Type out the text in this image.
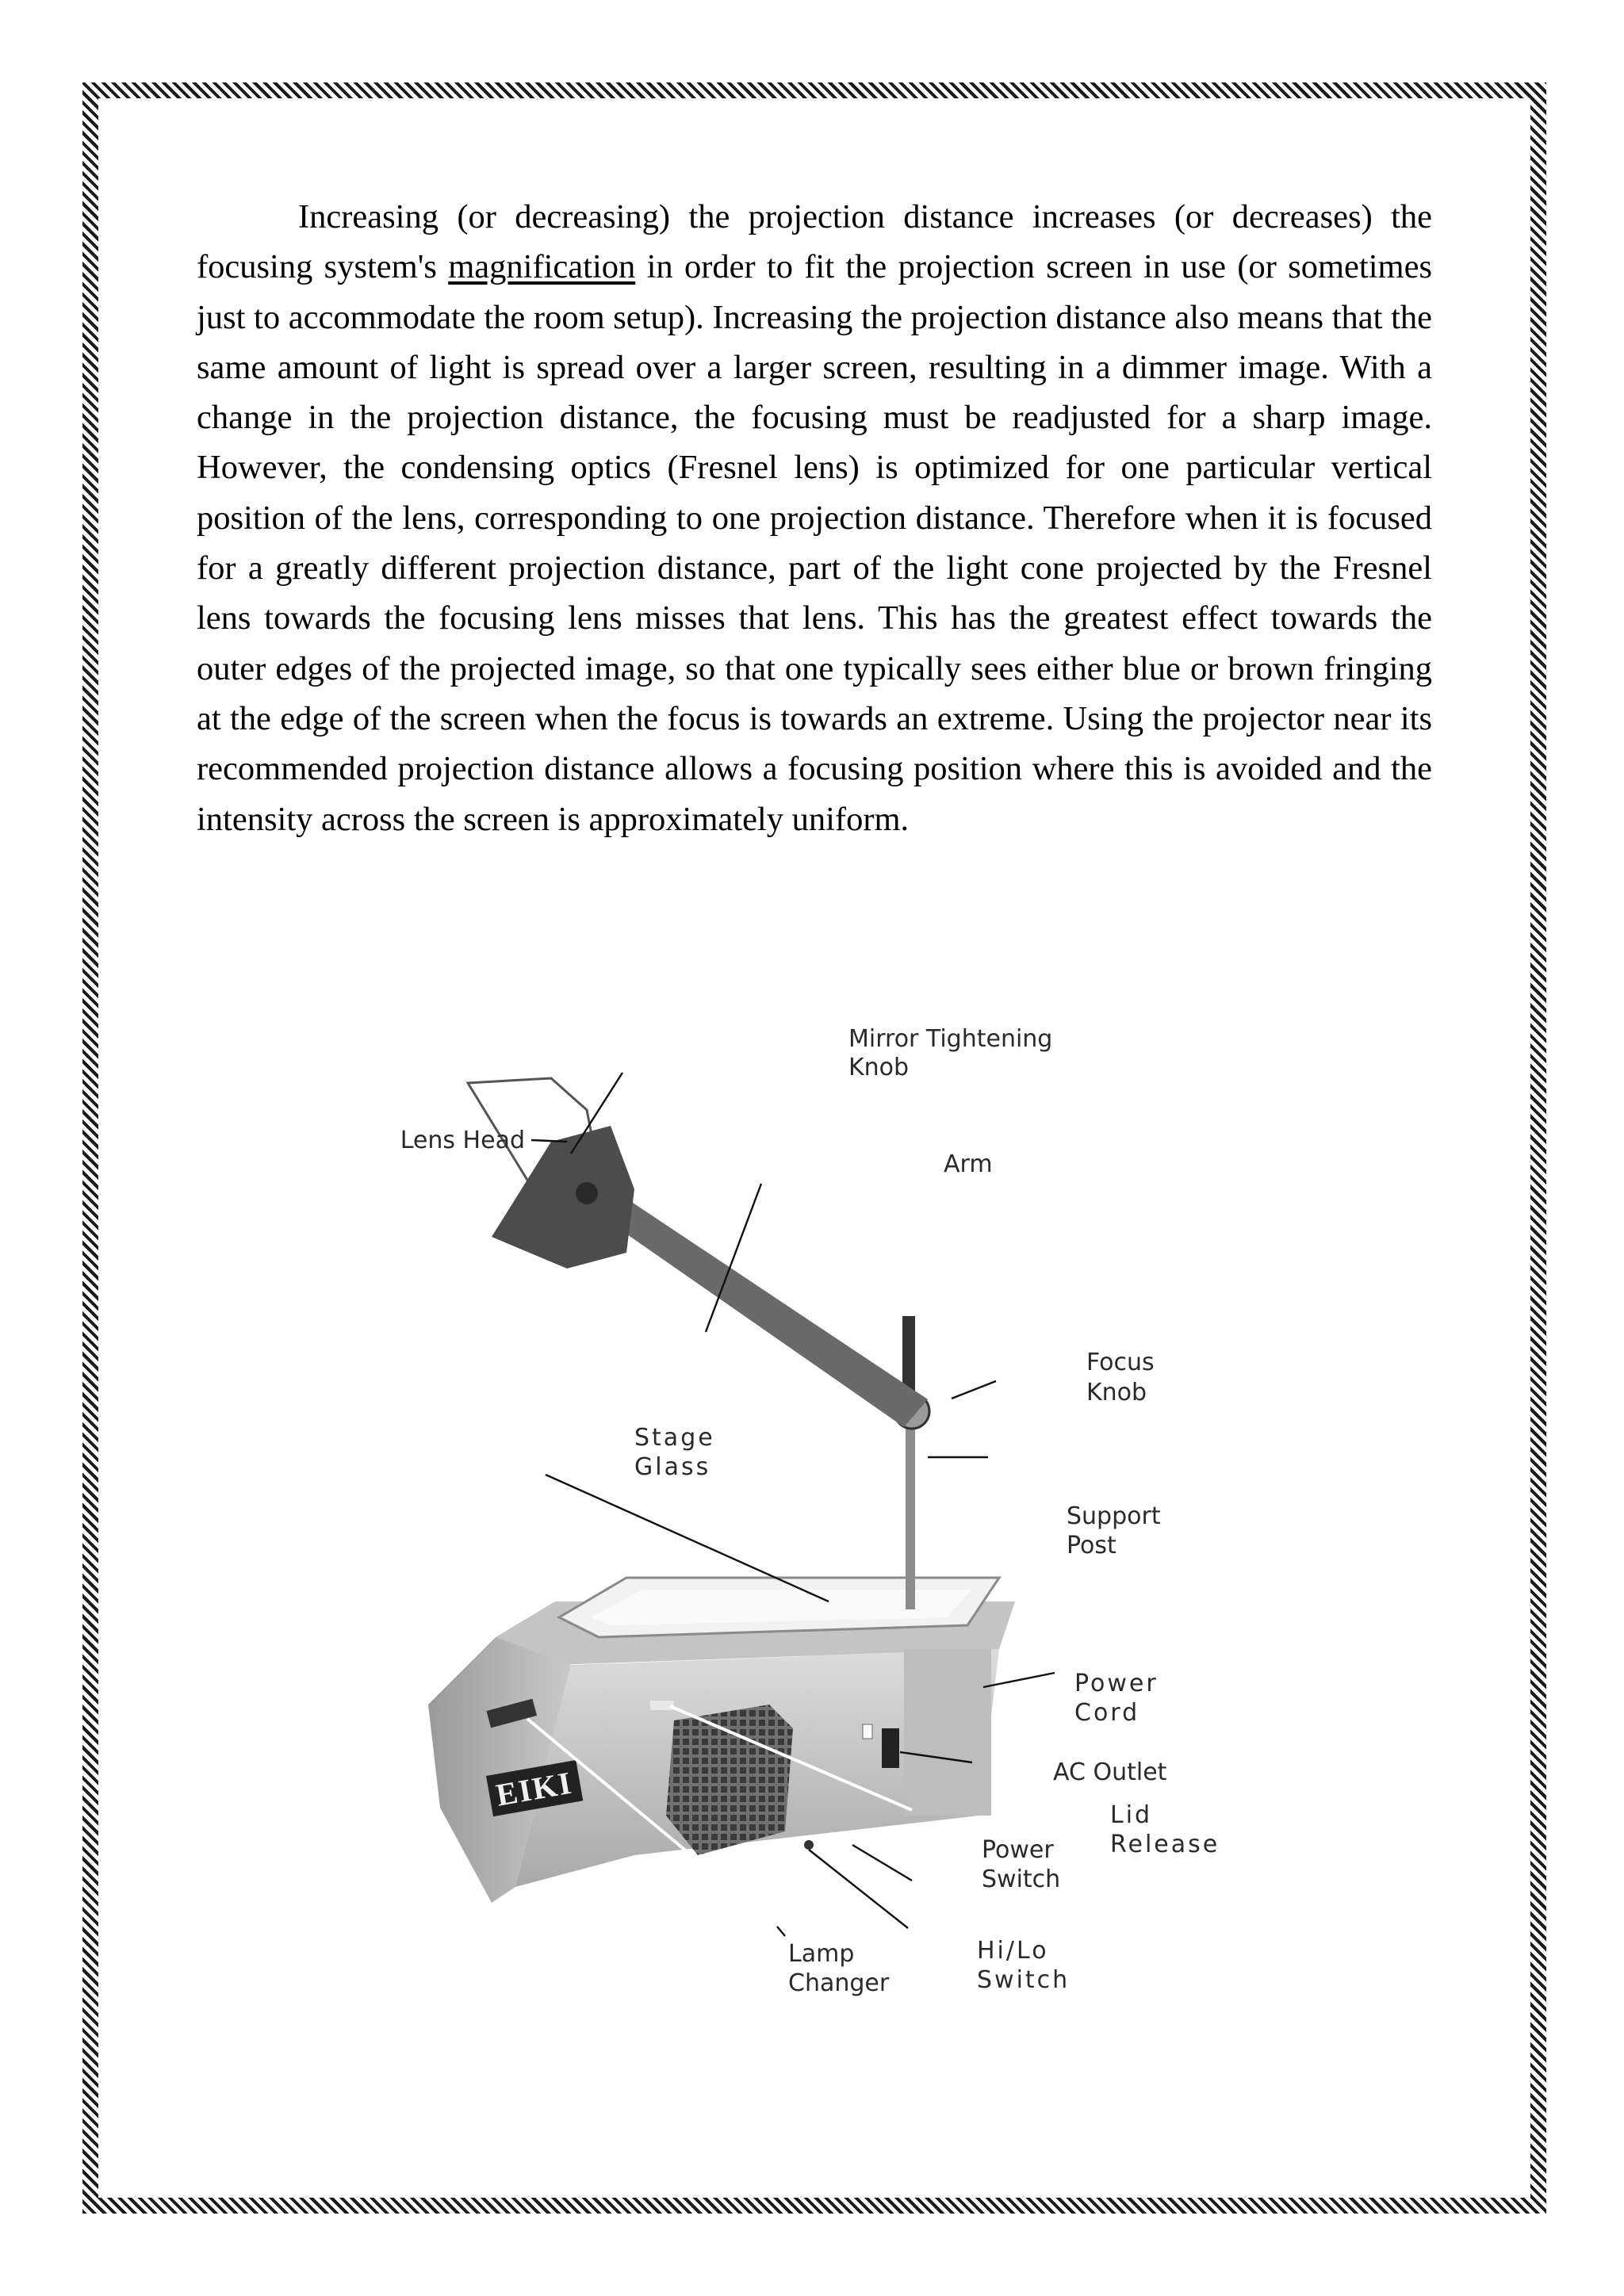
Increasing (or decreasing) the projection distance increases (or decreases) the focusing system's magnification in order to fit the projection screen in use (or sometimes just to accommodate the room setup). Increasing the projection distance also means that the same amount of light is spread over a larger screen, resulting in a dimmer image. With a change in the projection distance, the focusing must be readjusted for a sharp image. However, the condensing optics (Fresnel lens) is optimized for one particular vertical position of the lens, corresponding to one projection distance. Therefore when it is focused for a greatly different projection distance, part of the light cone projected by the Fresnel lens towards the focusing lens misses that lens. This has the greatest effect towards the outer edges of the projected image, so that one typically sees either blue or brown fringing at the edge of the screen when the focus is towards an extreme. Using the projector near its recommended projection distance allows a focusing position where this is avoided and the intensity across the screen is approximately uniform.

EIKI
Mirror Tightening
Knob
Lens Head
Arm
Focus
Knob
Stage
Glass
Support
Post
Power
Cord
AC Outlet
Lid
Release
Power
Switch
Lamp
Changer
Hi/Lo
Switch
